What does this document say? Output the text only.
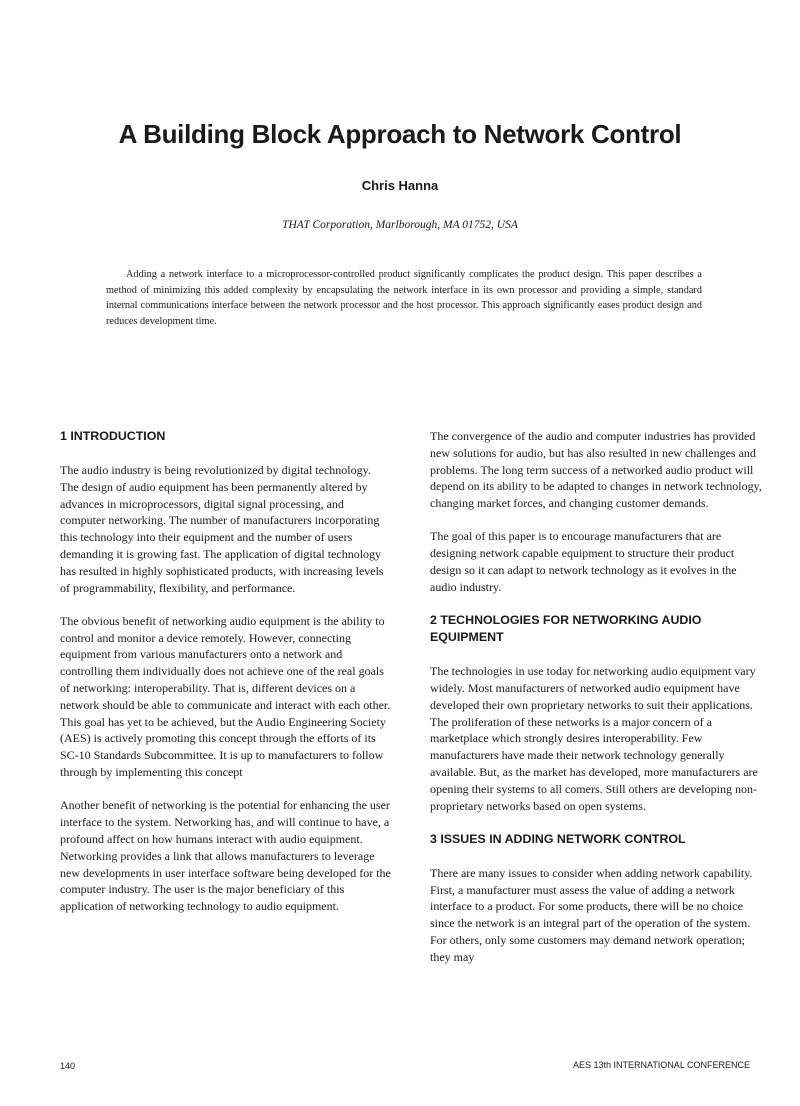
A Building Block Approach to Network Control
Chris Hanna
THAT Corporation, Marlborough, MA 01752, USA

Adding a network interface to a microprocessor-controlled product significantly complicates the product design. This paper describes a method of minimizing this added complexity by encapsulating the network interface in its own processor and providing a simple, standard internal communications interface between the network processor and the host processor. This approach significantly eases product design and reduces development time.

1 INTRODUCTION

The audio industry is being revolutionized by digital technology. The design of audio equipment has been permanently altered by advances in microprocessors, digital signal processing, and computer networking. The number of manufacturers incorporating this technology into their equipment and the number of users demanding it is growing fast. The application of digital technology has resulted in highly sophisticated products, with increasing levels of programmability, flexibility, and performance.

The obvious benefit of networking audio equipment is the ability to control and monitor a device remotely. However, connecting equipment from various manufacturers onto a network and controlling them individually does not achieve one of the real goals of networking: interoperability. That is, different devices on a network should be able to communicate and interact with each other. This goal has yet to be achieved, but the Audio Engineering Society (AES) is actively promoting this concept through the efforts of its SC-10 Standards Subcommittee. It is up to manufacturers to follow through by implementing this concept

Another benefit of networking is the potential for enhancing the user interface to the system. Networking has, and will continue to have, a profound affect on how humans interact with audio equipment. Networking provides a link that allows manufacturers to leverage new developments in user interface software being developed for the computer industry. The user is the major beneficiary of this application of networking technology to audio equipment.

The convergence of the audio and computer industries has provided new solutions for audio, but has also resulted in new challenges and problems. The long term success of a networked audio product will depend on its ability to be adapted to changes in network technology, changing market forces, and changing customer demands.

The goal of this paper is to encourage manufacturers that are designing network capable equipment to structure their product design so it can adapt to network technology as it evolves in the audio industry.

2 TECHNOLOGIES FOR NETWORKING AUDIO EQUIPMENT

The technologies in use today for networking audio equipment vary widely. Most manufacturers of networked audio equipment have developed their own proprietary networks to suit their applications. The proliferation of these networks is a major concern of a marketplace which strongly desires interoperability. Few manufacturers have made their network technology generally available. But, as the market has developed, more manufacturers are opening their systems to all comers. Still others are developing non-proprietary networks based on open systems.

3 ISSUES IN ADDING NETWORK CONTROL

There are many issues to consider when adding network capability. First, a manufacturer must assess the value of adding a network interface to a product. For some products, there will be no choice since the network is an integral part of the operation of the system. For others, only some customers may demand network operation; they may

140	AES 13th INTERNATIONAL CONFERENCE
